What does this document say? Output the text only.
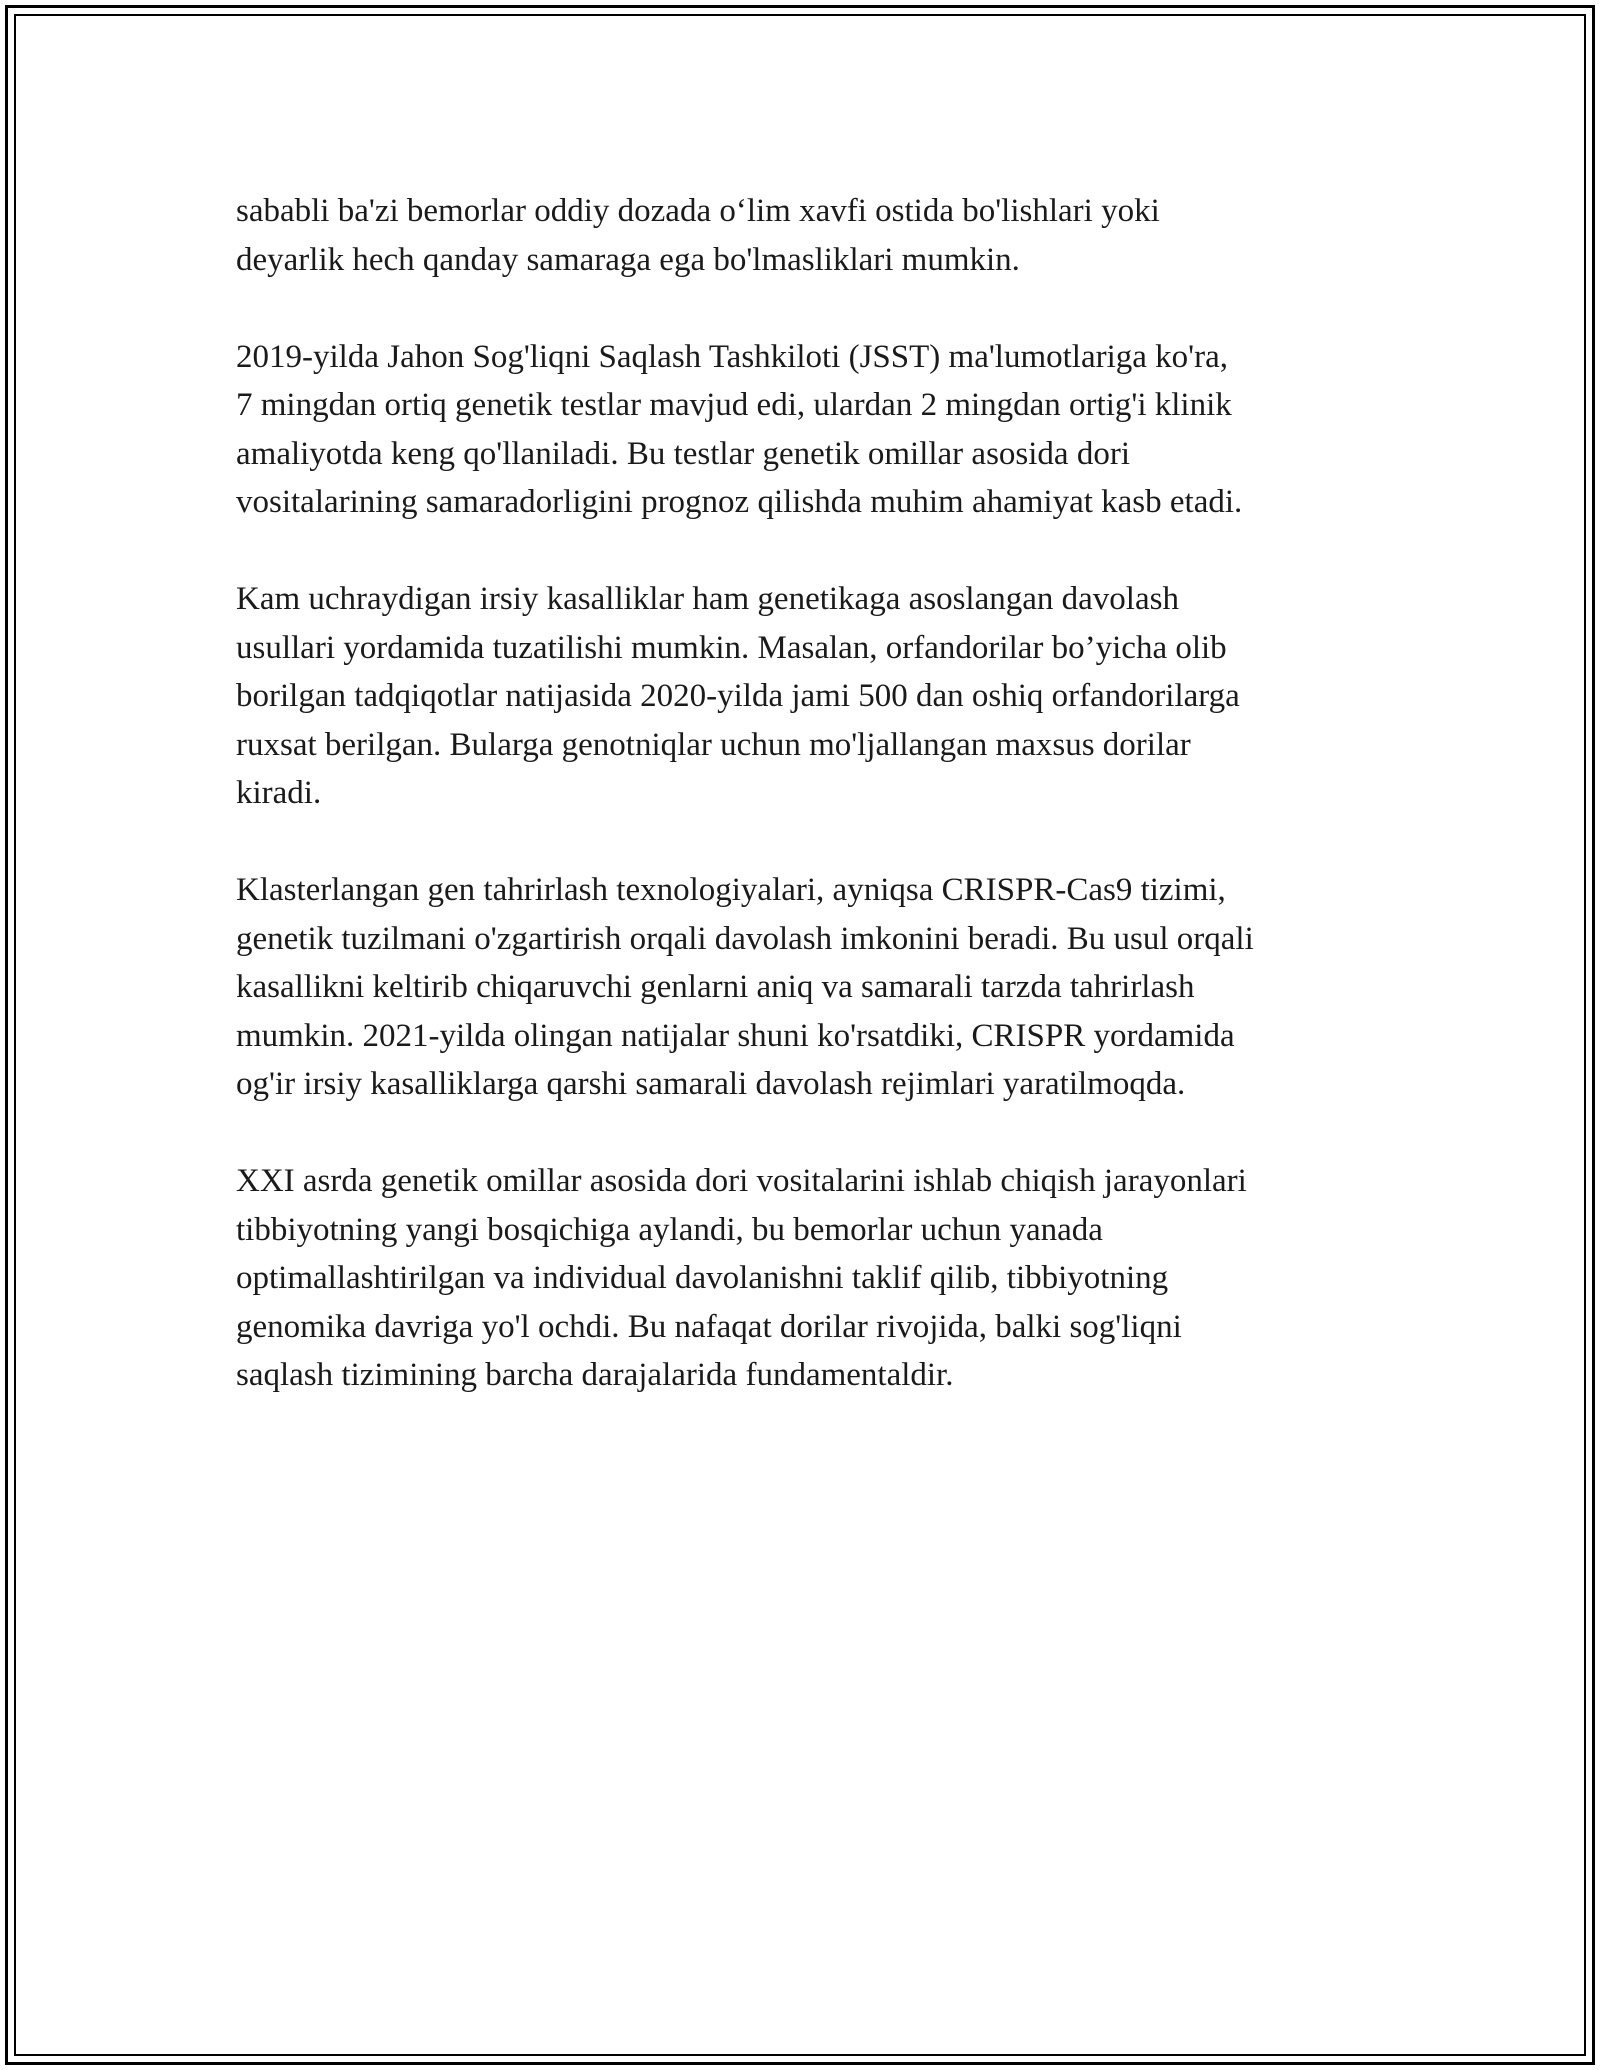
sababli ba'zi bemorlar oddiy dozada o‘lim xavfi ostida bo'lishlari yoki
deyarlik hech qanday samaraga ega bo'lmasliklari mumkin.

2019-yilda Jahon Sog'liqni Saqlash Tashkiloti (JSST) ma'lumotlariga ko'ra,
7 mingdan ortiq genetik testlar mavjud edi, ulardan 2 mingdan ortig'i klinik
amaliyotda keng qo'llaniladi. Bu testlar genetik omillar asosida dori
vositalarining samaradorligini prognoz qilishda muhim ahamiyat kasb etadi.

Kam uchraydigan irsiy kasalliklar ham genetikaga asoslangan davolash
usullari yordamida tuzatilishi mumkin. Masalan, orfandorilar bo’yicha olib
borilgan tadqiqotlar natijasida 2020-yilda jami 500 dan oshiq orfandorilarga
ruxsat berilgan. Bularga genotniqlar uchun mo'ljallangan maxsus dorilar
kiradi.

Klasterlangan gen tahrirlash texnologiyalari, ayniqsa CRISPR-Cas9 tizimi,
genetik tuzilmani o'zgartirish orqali davolash imkonini beradi. Bu usul orqali
kasallikni keltirib chiqaruvchi genlarni aniq va samarali tarzda tahrirlash
mumkin. 2021-yilda olingan natijalar shuni ko'rsatdiki, CRISPR yordamida
og'ir irsiy kasalliklarga qarshi samarali davolash rejimlari yaratilmoqda.

XXI asrda genetik omillar asosida dori vositalarini ishlab chiqish jarayonlari
tibbiyotning yangi bosqichiga aylandi, bu bemorlar uchun yanada
optimallashtirilgan va individual davolanishni taklif qilib, tibbiyotning
genomika davriga yo'l ochdi. Bu nafaqat dorilar rivojida, balki sog'liqni
saqlash tizimining barcha darajalarida fundamentaldir.
